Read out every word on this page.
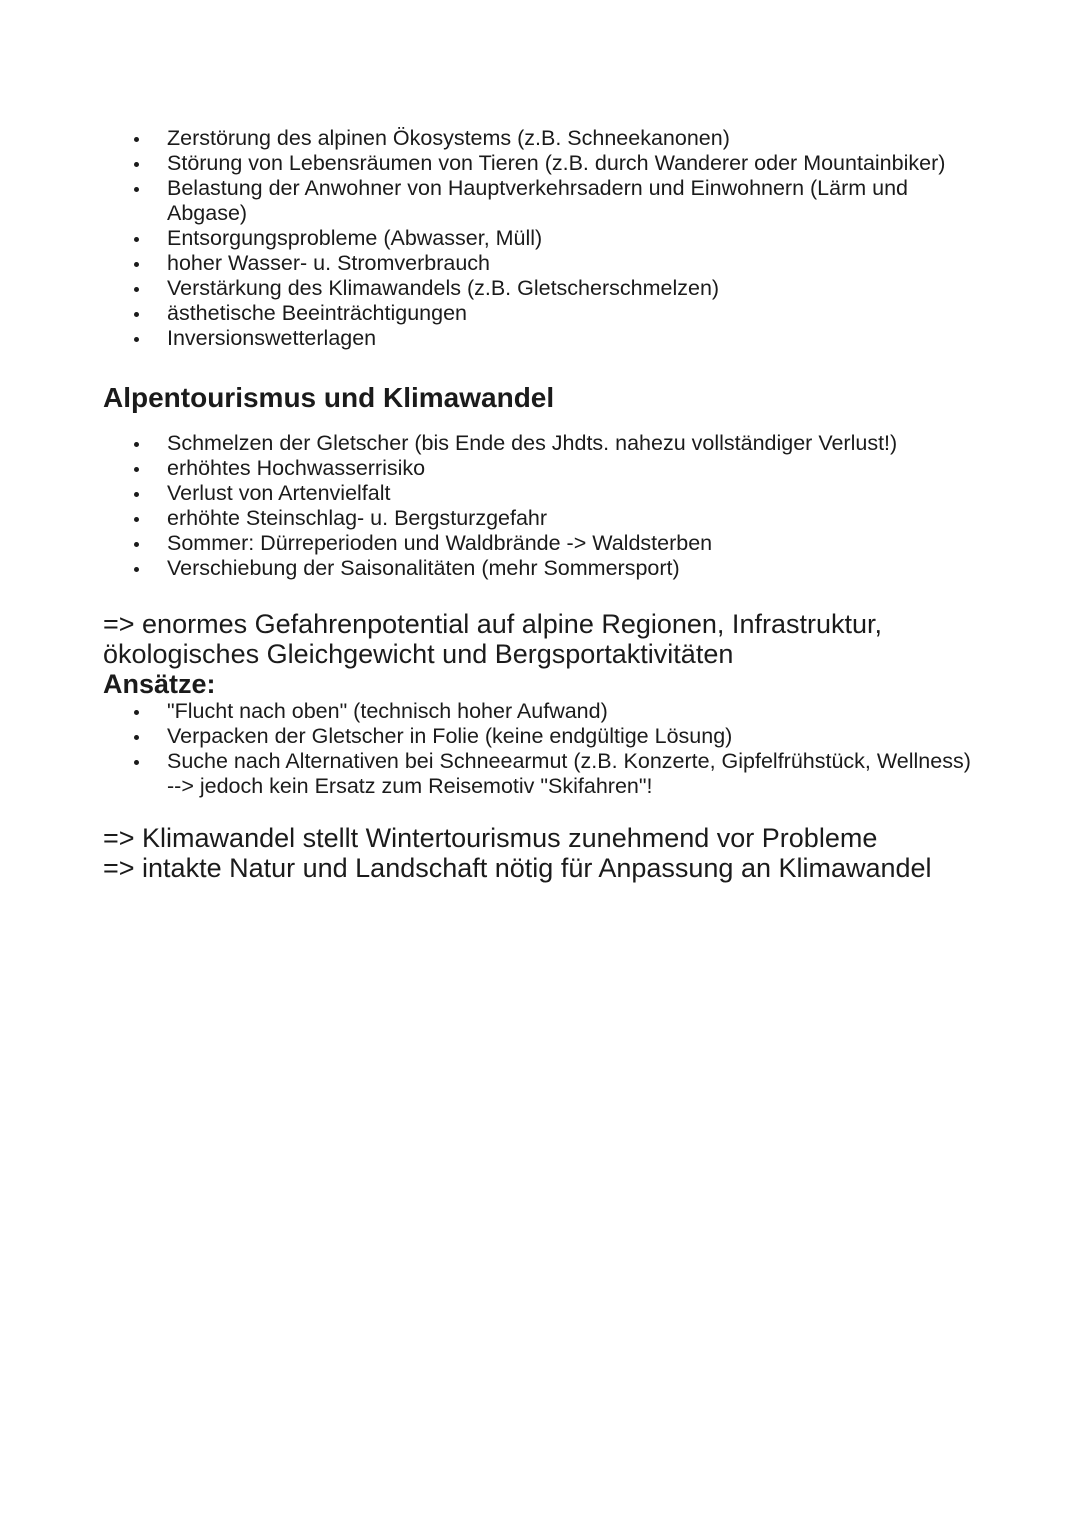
Zerstörung des alpinen Ökosystems (z.B. Schneekanonen)
Störung von Lebensräumen von Tieren (z.B. durch Wanderer oder Mountainbiker)
Belastung der Anwohner von Hauptverkehrsadern und Einwohnern (Lärm und Abgase)
Entsorgungsprobleme (Abwasser, Müll)
hoher Wasser- u. Stromverbrauch
Verstärkung des Klimawandels (z.B. Gletscherschmelzen)
ästhetische Beeinträchtigungen
Inversionswetterlagen
Alpentourismus und Klimawandel
Schmelzen der Gletscher (bis Ende des Jhdts. nahezu vollständiger Verlust!)
erhöhtes Hochwasserrisiko
Verlust von Artenvielfalt
erhöhte Steinschlag- u. Bergsturzgefahr
Sommer: Dürreperioden und Waldbrände -> Waldsterben
Verschiebung der Saisonalitäten (mehr Sommersport)
=> enormes Gefahrenpotential auf alpine Regionen, Infrastruktur, ökologisches Gleichgewicht und Bergsportaktivitäten
Ansätze:
"Flucht nach oben" (technisch hoher Aufwand)
Verpacken der Gletscher in Folie (keine endgültige Lösung)
Suche nach Alternativen bei Schneearmut (z.B. Konzerte, Gipfelfrühstück, Wellness) --> jedoch kein Ersatz zum Reisemotiv "Skifahren"!
=> Klimawandel stellt Wintertourismus zunehmend vor Probleme
=> intakte Natur und Landschaft nötig für Anpassung an Klimawandel
